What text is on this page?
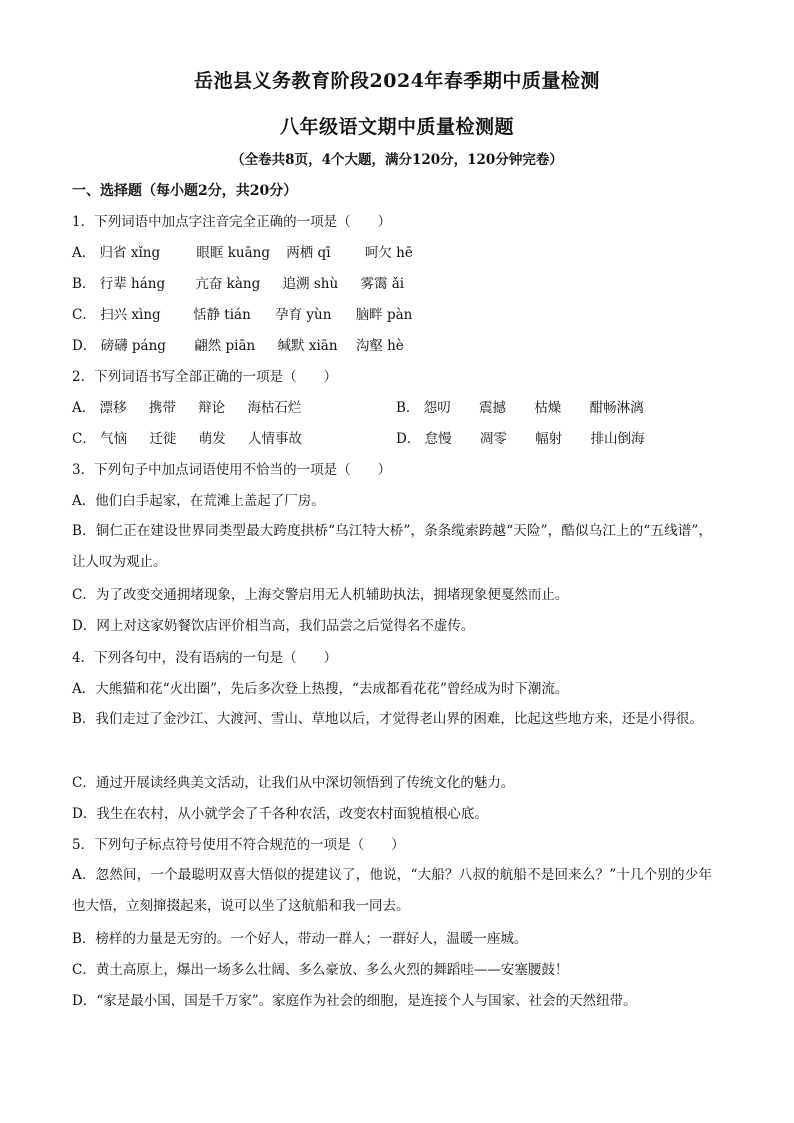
岳池县义务教育阶段2024年春季期中质量检测
八年级语文期中质量检测题
（全卷共8页，4个大题，满分120分，120分钟完卷）
一、选择题（每小题2分，共20分）
1．下列词语中加点字注音完全正确的一项是（　　）
A． 归省 xǐng	眼眶 kuāng 两栖 qī	呵欠 hē
B． 行辈 háng 亢奋 kàng 追溯 shù 雾霭 ǎi
C． 扫兴 xìng 恬静 tián 孕育 yùn 脑畔 pàn
D． 磅礴 páng 翩然 piān 缄默 xiān 沟壑 hè
2．下列词语书写全部正确的一项是（　　）
A． 漂移 携带 辩论 海枯石烂	B． 怨叨 震撼 枯燥 酣畅淋漓
C． 气恼 迁徙 萌发 人情事故	D． 怠慢 凋零 幅射 排山倒海
3．下列句子中加点词语使用不恰当的一项是（　　）
A．他们白手起家，在荒滩上盖起了厂房。
B．铜仁正在建设世界同类型最大跨度拱桥“乌江特大桥”，条条缆索跨越“天险”，酷似乌江上的“五线谱”，让人叹为观止。
C．为了改变交通拥堵现象，上海交警启用无人机辅助执法，拥堵现象便戛然而止。
D．网上对这家奶餐饮店评价相当高，我们品尝之后觉得名不虚传。
4．下列各句中，没有语病的一句是（　　）
A．大熊猫和花“火出圈”，先后多次登上热搜，“去成都看花花”曾经成为时下潮流。
B．我们走过了金沙江、大渡河、雪山、草地以后，才觉得老山界的困难，比起这些地方来，还是小得很。
C．通过开展读经典美文活动，让我们从中深切领悟到了传统文化的魅力。
D．我生在农村，从小就学会了千各种农活，改变农村面貌植根心底。
5．下列句子标点符号使用不符合规范的一项是（　　）
A．忽然间，一个最聪明双喜大悟似的提建议了，他说，“大船？八叔的航船不是回来么？”十几个别的少年也大悟，立刻撺掇起来，说可以坐了这航船和我一同去。
B．榜样的力量是无穷的。一个好人，带动一群人；一群好人，温暖一座城。
C．黄土高原上，爆出一场多么壮阔、多么豪放、多么火烈的舞蹈哇——安塞腰鼓！
D．“家是最小国，国是千万家”。家庭作为社会的细胞，是连接个人与国家、社会的天然纽带。
